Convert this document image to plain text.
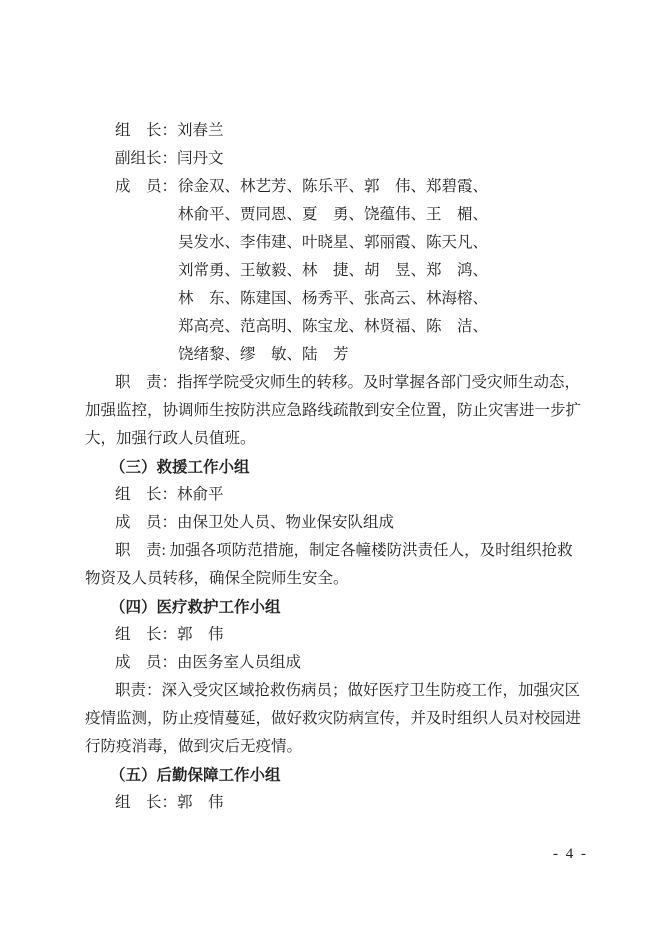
组长：刘春兰
副组长：闫丹文
成员： 徐金双、林艺芳、陈乐平、郭 伟、郑碧霞、
林俞平、贾同恩、夏 勇、饶蕴伟、王 楣、
吴发水、李伟建、叶晓星、郭丽霞、陈天凡、
刘常勇、王敏毅、林 捷、胡 昱、郑 鸿、
林 东、陈建国、杨秀平、张高云、林海榕、
郑高亮、范高明、陈宝龙、林贤福、陈 洁、
饶绪黎、缪 敏、陆 芳
职　责：指挥学院受灾师生的转移。及时掌握各部门受灾师生动态，
加强监控，协调师生按防洪应急路线疏散到安全位置，防止灾害进一步扩
大，加强行政人员值班。
（三）救援工作小组
组长：林俞平
成员：由保卫处人员、物业保安队组成
职　责: 加强各项防范措施，制定各幢楼防洪责任人，及时组织抢救
物资及人员转移，确保全院师生安全。
（四）医疗救护工作小组
组长：郭　伟
成员：由医务室人员组成
职责：深入受灾区域抢救伤病员；做好医疗卫生防疫工作，加强灾区
疫情监测，防止疫情蔓延，做好救灾防病宣传，并及时组织人员对校园进
行防疫消毒，做到灾后无疫情。
（五）后勤保障工作小组
组长：郭　伟
- 4 -
